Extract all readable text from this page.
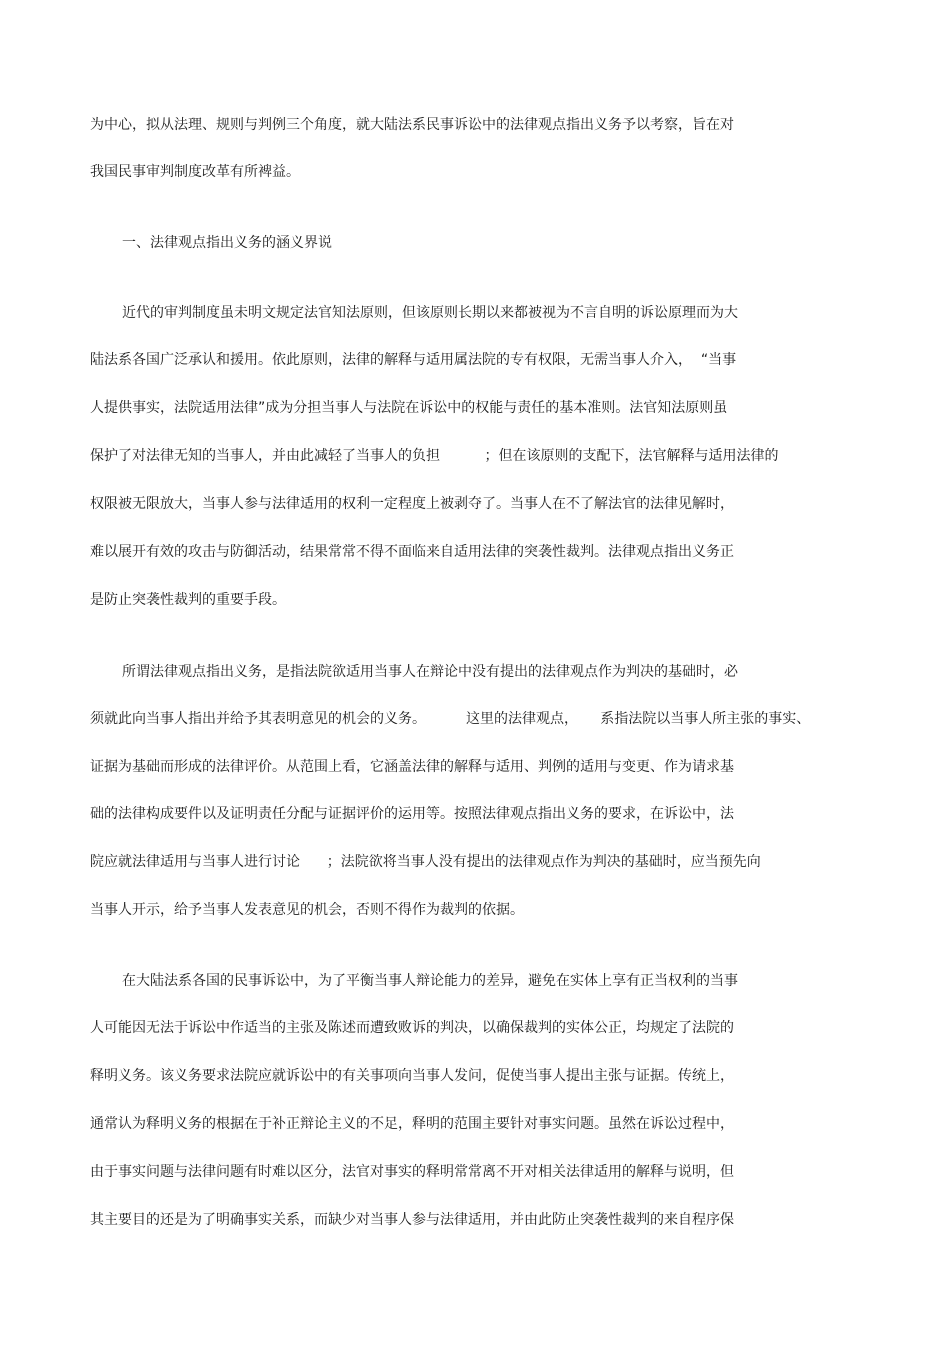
为中心，拟从法理、规则与判例三个角度，就大陆法系民事诉讼中的法律观点指出义务予以考察，旨在对
我国民事审判制度改革有所裨益。
一、法律观点指出义务的涵义界说
近代的审判制度虽未明文规定法官知法原则，但该原则长期以来都被视为不言自明的诉讼原理而为大
陆法系各国广泛承认和援用。依此原则，法律的解释与适用属法院的专有权限，无需当事人介入，  “当事
人提供事实，法院适用法律”成为分担当事人与法院在诉讼中的权能与责任的基本准则。法官知法原则虽
保护了对法律无知的当事人，并由此减轻了当事人的负担          ；但在该原则的支配下，法官解释与适用法律的
权限被无限放大，当事人参与法律适用的权利一定程度上被剥夺了。当事人在不了解法官的法律见解时，
难以展开有效的攻击与防御活动，结果常常不得不面临来自适用法律的突袭性裁判。法律观点指出义务正
是防止突袭性裁判的重要手段。
所谓法律观点指出义务，是指法院欲适用当事人在辩论中没有提出的法律观点作为判决的基础时，必
须就此向当事人指出并给予其表明意见的机会的义务。         这里的法律观点，     系指法院以当事人所主张的事实、
证据为基础而形成的法律评价。从范围上看，它涵盖法律的解释与适用、判例的适用与变更、作为请求基
础的法律构成要件以及证明责任分配与证据评价的运用等。按照法律观点指出义务的要求，在诉讼中，法
院应就法律适用与当事人进行讨论      ；法院欲将当事人没有提出的法律观点作为判决的基础时，应当预先向
当事人开示，给予当事人发表意见的机会，否则不得作为裁判的依据。
在大陆法系各国的民事诉讼中，为了平衡当事人辩论能力的差异，避免在实体上享有正当权利的当事
人可能因无法于诉讼中作适当的主张及陈述而遭致败诉的判决，以确保裁判的实体公正，均规定了法院的
释明义务。该义务要求法院应就诉讼中的有关事项向当事人发问，促使当事人提出主张与证据。传统上，
通常认为释明义务的根据在于补正辩论主义的不足，释明的范围主要针对事实问题。虽然在诉讼过程中，
由于事实问题与法律问题有时难以区分，法官对事实的释明常常离不开对相关法律适用的解释与说明，但
其主要目的还是为了明确事实关系，而缺少对当事人参与法律适用，并由此防止突袭性裁判的来自程序保
